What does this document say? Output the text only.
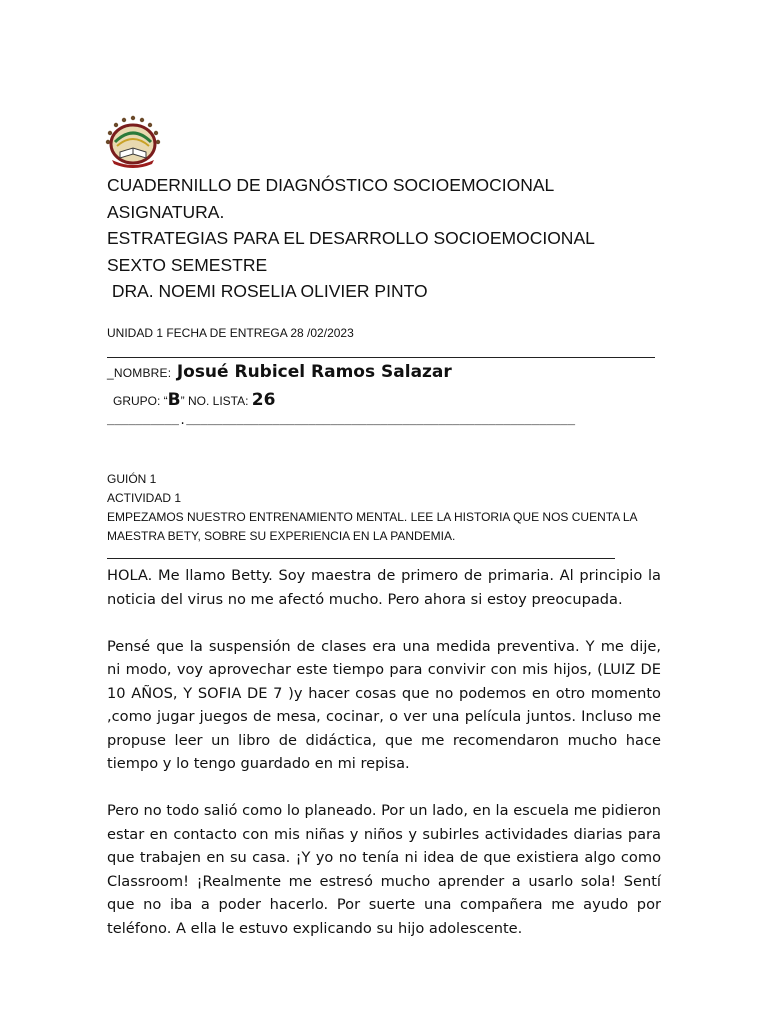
CUADERNILLO DE DIAGNÓSTICO SOCIOEMOCIONAL
ASIGNATURA.
ESTRATEGIAS PARA EL DESARROLLO SOCIOEMOCIONAL
SEXTO SEMESTRE
DRA. NOEMI ROSELIA OLIVIER PINTO
UNIDAD 1 FECHA DE ENTREGA 28 /02/2023
_NOMBRE: Josué Rubicel Ramos Salazar
GRUPO: “B” NO. LISTA: 26
__________.______________________________________________________
GUIÓN 1
ACTIVIDAD 1
EMPEZAMOS NUESTRO ENTRENAMIENTO MENTAL. LEE LA HISTORIA QUE NOS CUENTA LA MAESTRA BETY, SOBRE SU EXPERIENCIA EN LA PANDEMIA.

HOLA. Me llamo Betty. Soy maestra de primero de primaria. Al principio la noticia del virus no me afectó mucho. Pero ahora si estoy preocupada.

Pensé que la suspensión de clases era una medida preventiva. Y me dije, ni modo, voy aprovechar este tiempo para convivir con mis hijos, (LUIZ DE 10 AÑOS, Y SOFIA DE 7 )y hacer cosas que no podemos en otro momento ,como jugar juegos de mesa, cocinar, o ver una película juntos. Incluso me propuse leer un libro de didáctica, que me recomendaron mucho hace tiempo y lo tengo guardado en mi repisa.

Pero no todo salió como lo planeado. Por un lado, en la escuela me pidieron estar en contacto con mis niñas y niños y subirles actividades diarias para que trabajen en su casa. ¡Y yo no tenía ni idea de que existiera algo como Classroom! ¡Realmente me estresó mucho aprender a usarlo sola! Sentí que no iba a poder hacerlo. Por suerte una compañera me ayudo por teléfono. A ella le estuvo explicando su hijo adolescente.
